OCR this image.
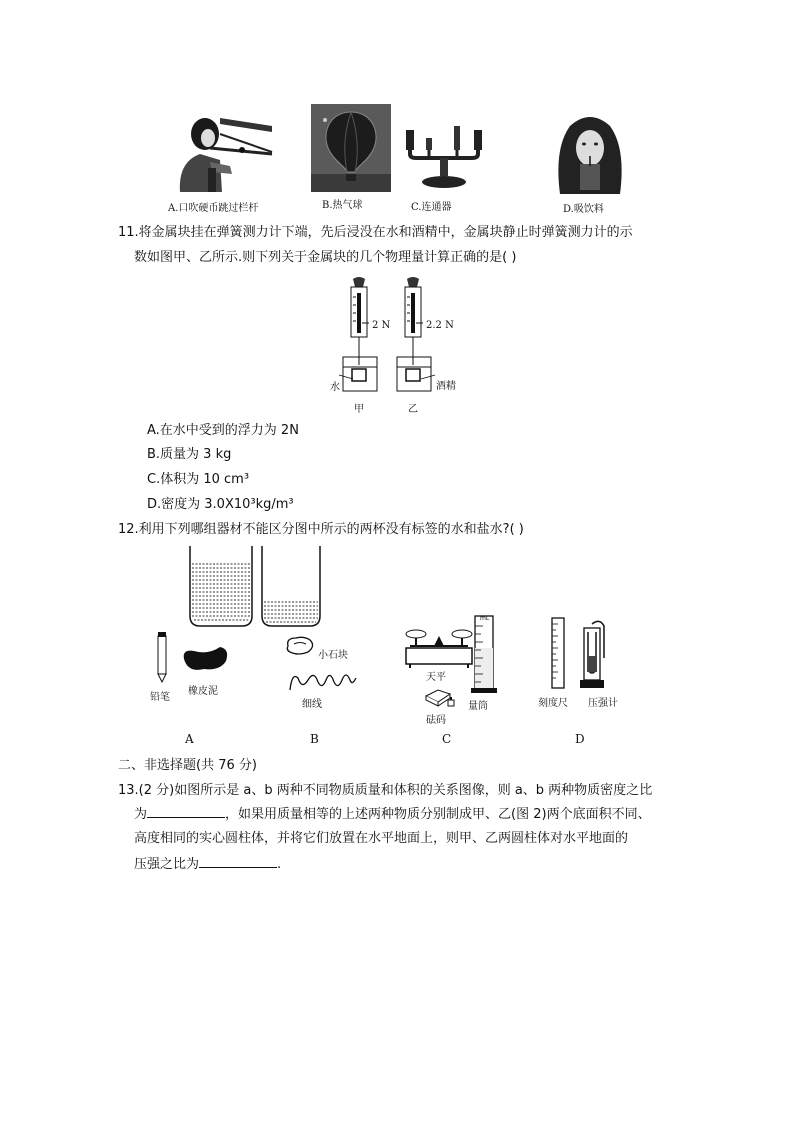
A.口吹硬币跳过栏杆	B.热气球	C.连通器	D.吸饮料
11.将金属块挂在弹簧测力计下端，先后浸没在水和酒精中，金属块静止时弹簧测力计的示
数如图甲、乙所示.则下列关于金属块的几个物理量计算正确的是( )
2 N	2.2 N
水	酒精
甲	乙
A.在水中受到的浮力为 2N
B.质量为 3 kg
C.体积为 10 cm³
D.密度为 3.0X10³kg/m³
12.利用下列哪组器材不能区分图中所示的两杯没有标签的水和盐水?( )
铅笔
橡皮泥
小石块
细线
天平
砝码
mL
量筒	刻度尺 压强计
A	B	C	D
二、非选择题(共 76 分)
13.(2 分)如图所示是 a、b 两种不同物质质量和体积的关系图像，则 a、b 两种物质密度之比
为	，如果用质量相等的上述两种物质分别制成甲、乙(图 2)两个底面积不同、
高度相同的实心圆柱体，并将它们放置在水平地面上，则甲、乙两圆柱体对水平地面的
压强之比为	.
